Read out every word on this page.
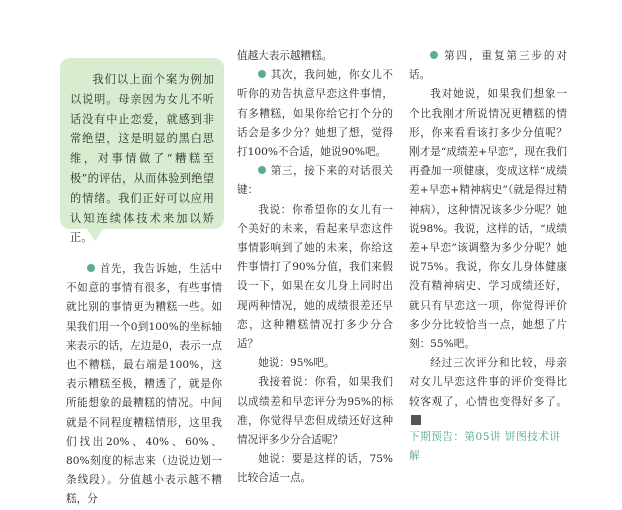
我们以上面个案为例加以说明。母亲因为女儿不听话没有中止恋爱，就感到非常绝望，这是明显的黑白思维，对事情做了“糟糕至极”的评估，从而体验到绝望的情绪。我们正好可以应用认知连续体技术来加以矫正。

首先，我告诉她，生活中不如意的事情有很多，有些事情就比别的事情更为糟糕一些。如果我们用一个0到100%的坐标轴来表示的话，左边是0，表示一点也不糟糕，最右端是100%，这表示糟糕至极，糟透了，就是你所能想象的最糟糕的情况。中间就是不同程度糟糕情形，这里我们找出20%、40%、60%、80%刻度的标志来（边说边划一条线段）。分值越小表示越不糟糕，分

值越大表示越糟糕。

其次，我问她，你女儿不听你的劝告执意早恋这件事情，有多糟糕，如果你给它打个分的话会是多少分？她想了想，觉得打100%不合适，她说90%吧。

第三，接下来的对话很关键：

我说：你希望你的女儿有一个美好的未来，看起来早恋这件事情影响到了她的未来，你给这件事情打了90%分值，我们来假设一下，如果在女儿身上同时出现两种情况，她的成绩很差还早恋，这种糟糕情况打多少分合适？

她说：95%吧。

我接着说：你看，如果我们以成绩差和早恋评分为95%的标准，你觉得早恋但成绩还好这种情况评多少分合适呢？

她说：要是这样的话，75%比较合适一点。

第四，重复第三步的对话。

我对她说，如果我们想象一个比我刚才所说情况更糟糕的情形，你来看看该打多少分值呢？刚才是“成绩差+早恋”，现在我们再叠加一项健康，变成这样“成绩差+早恋+精神病史”（就是得过精神病），这种情况该多少分呢？她说98%。我说，这样的话，“成绩差+早恋”该调整为多少分呢？她说75%。我说，你女儿身体健康没有精神病史、学习成绩还好，就只有早恋这一项，你觉得评价多少分比较恰当一点，她想了片刻：55%吧。

经过三次评分和比较，母亲对女儿早恋这件事的评价变得比较客观了，心情也变得好多了。

下期预告：第05讲 饼图技术讲解
